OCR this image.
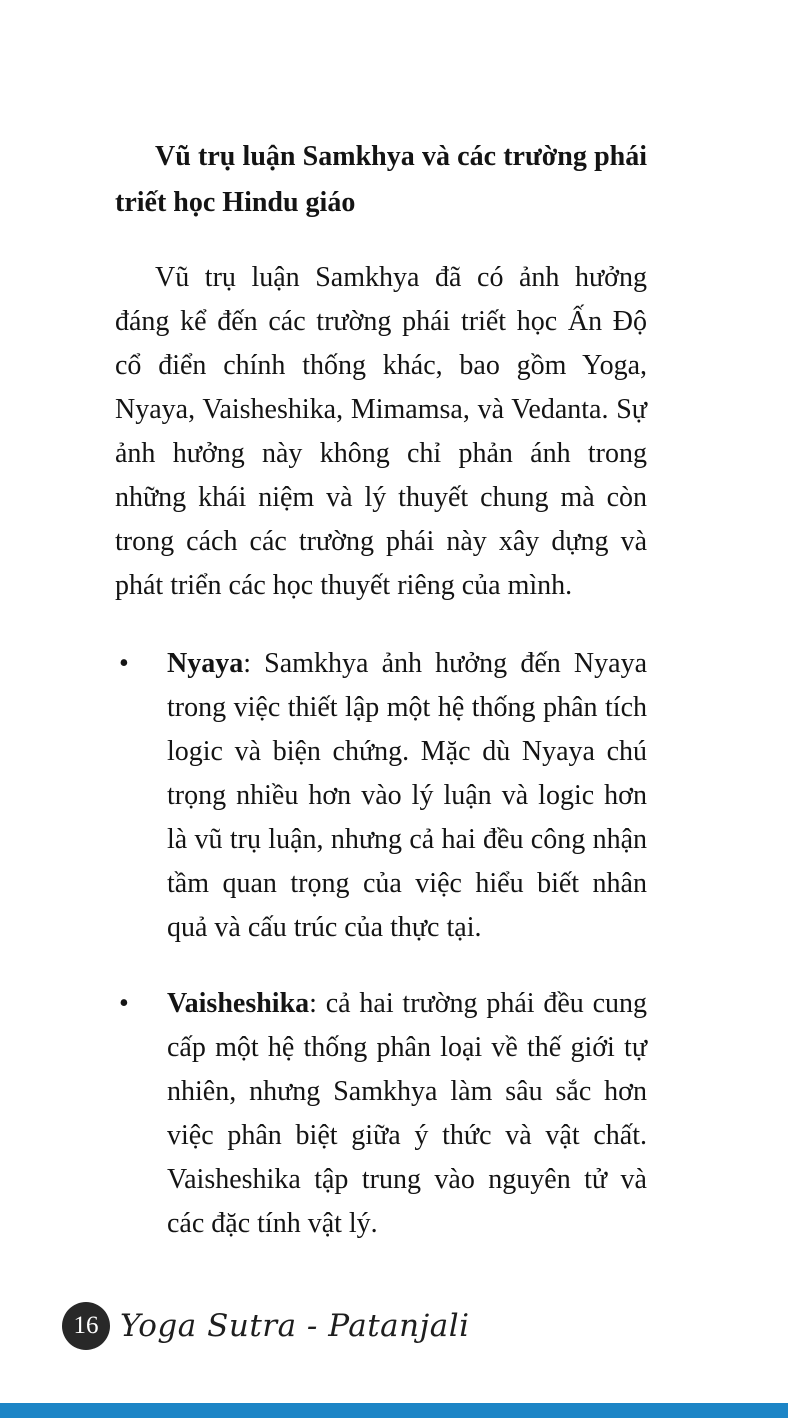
Vũ trụ luận Samkhya và các trường phái triết học Hindu giáo

Vũ trụ luận Samkhya đã có ảnh hưởng đáng kể đến các trường phái triết học Ấn Độ cổ điển chính thống khác, bao gồm Yoga, Nyaya, Vaisheshika, Mimamsa, và Vedanta. Sự ảnh hưởng này không chỉ phản ánh trong những khái niệm và lý thuyết chung mà còn trong cách các trường phái này xây dựng và phát triển các học thuyết riêng của mình.

•	Nyaya: Samkhya ảnh hưởng đến Nyaya trong việc thiết lập một hệ thống phân tích logic và biện chứng. Mặc dù Nyaya chú trọng nhiều hơn vào lý luận và logic hơn là vũ trụ luận, nhưng cả hai đều công nhận tầm quan trọng của việc hiểu biết nhân quả và cấu trúc của thực tại.
•	Vaisheshika: cả hai trường phái đều cung cấp một hệ thống phân loại về thế giới tự nhiên, nhưng Samkhya làm sâu sắc hơn việc phân biệt giữa ý thức và vật chất. Vaisheshika tập trung vào nguyên tử và các đặc tính vật lý.
16 Yoga Sutra - Patanjali
